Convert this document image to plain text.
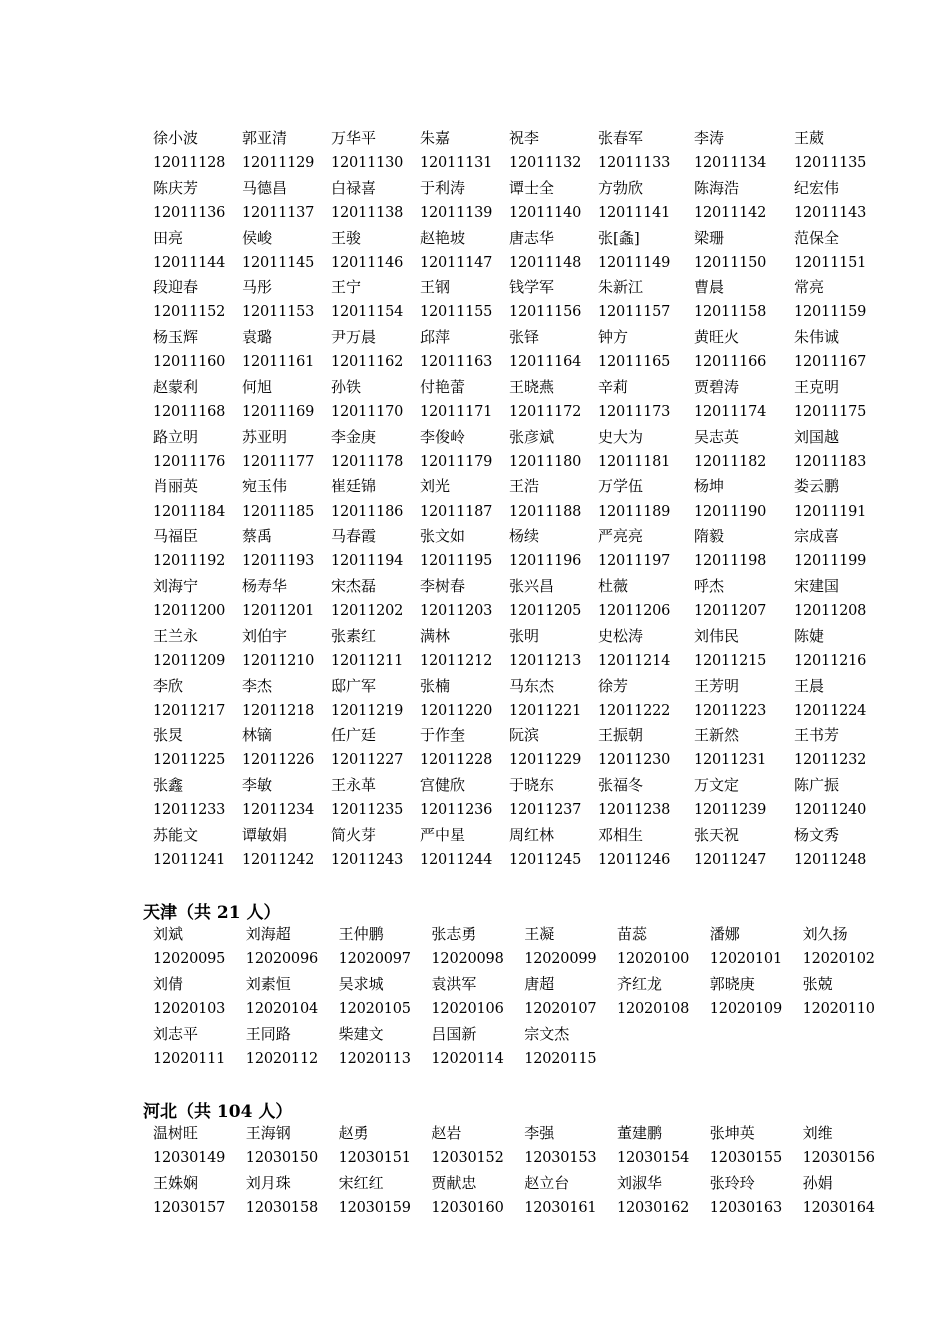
徐小波	郭亚清	万华平	朱嘉	祝李	张春军	李涛	王葳
12011128	12011129	12011130	12011131	12011132	12011133	12011134	12011135
陈庆芳	马德昌	白禄喜	于利涛	谭士全	方勃欣	陈海浩	纪宏伟
12011136	12011137	12011138	12011139	12011140	12011141	12011142	12011143
田亮	侯峻	王骏	赵艳坡	唐志华	张[螽]	梁珊	范保全
12011144	12011145	12011146	12011147	12011148	12011149	12011150	12011151
段迎春	马彤	王宁	王钢	钱学军	朱新江	曹晨	常亮
12011152	12011153	12011154	12011155	12011156	12011157	12011158	12011159
杨玉辉	袁璐	尹万晨	邱萍	张铎	钟方	黄旺火	朱伟诚
12011160	12011161	12011162	12011163	12011164	12011165	12011166	12011167
赵蒙利	何旭	孙铁	付艳蕾	王晓燕	辛莉	贾碧涛	王克明
12011168	12011169	12011170	12011171	12011172	12011173	12011174	12011175
路立明	苏亚明	李金庚	李俊岭	张彦斌	史大为	吴志英	刘国越
12011176	12011177	12011178	12011179	12011180	12011181	12011182	12011183
肖丽英	宛玉伟	崔廷锦	刘光	王浩	万学伍	杨坤	娄云鹏
12011184	12011185	12011186	12011187	12011188	12011189	12011190	12011191
马福臣	蔡禹	马春霞	张文如	杨续	严亮亮	隋毅	宗成喜
12011192	12011193	12011194	12011195	12011196	12011197	12011198	12011199
刘海宁	杨寿华	宋杰磊	李树春	张兴昌	杜薇	呼杰	宋建国
12011200	12011201	12011202	12011203	12011205	12011206	12011207	12011208
王兰永	刘伯宇	张素红	满林	张明	史松涛	刘伟民	陈婕
12011209	12011210	12011211	12011212	12011213	12011214	12011215	12011216
李欣	李杰	邸广军	张楠	马东杰	徐芳	王芳明	王晨
12011217	12011218	12011219	12011220	12011221	12011222	12011223	12011224
张炅	林镝	任广廷	于作奎	阮滨	王振朝	王新然	王书芳
12011225	12011226	12011227	12011228	12011229	12011230	12011231	12011232
张鑫	李敏	王永革	宫健欣	于晓东	张福冬	万文定	陈广振
12011233	12011234	12011235	12011236	12011237	12011238	12011239	12011240
苏能文	谭敏娟	简火芽	严中星	周红林	邓相生	张天祝	杨文秀
12011241	12011242	12011243	12011244	12011245	12011246	12011247	12011248
天津（共 21 人）
刘斌	刘海超	王仲鹏	张志勇	王凝	苗蕊	潘娜	刘久扬
12020095	12020096	12020097	12020098	12020099	12020100	12020101	12020102
刘倩	刘素恒	吴求城	袁洪军	唐超	齐红龙	郭晓庚	张兢
12020103	12020104	12020105	12020106	12020107	12020108	12020109	12020110
刘志平	王同路	柴建文	吕国新	宗文杰
12020111	12020112	12020113	12020114	12020115
河北（共 104 人）
温树旺	王海钢	赵勇	赵岩	李强	董建鹏	张坤英	刘维
12030149	12030150	12030151	12030152	12030153	12030154	12030155	12030156
王姝娴	刘月珠	宋红红	贾献忠	赵立台	刘淑华	张玲玲	孙娟
12030157	12030158	12030159	12030160	12030161	12030162	12030163	12030164
